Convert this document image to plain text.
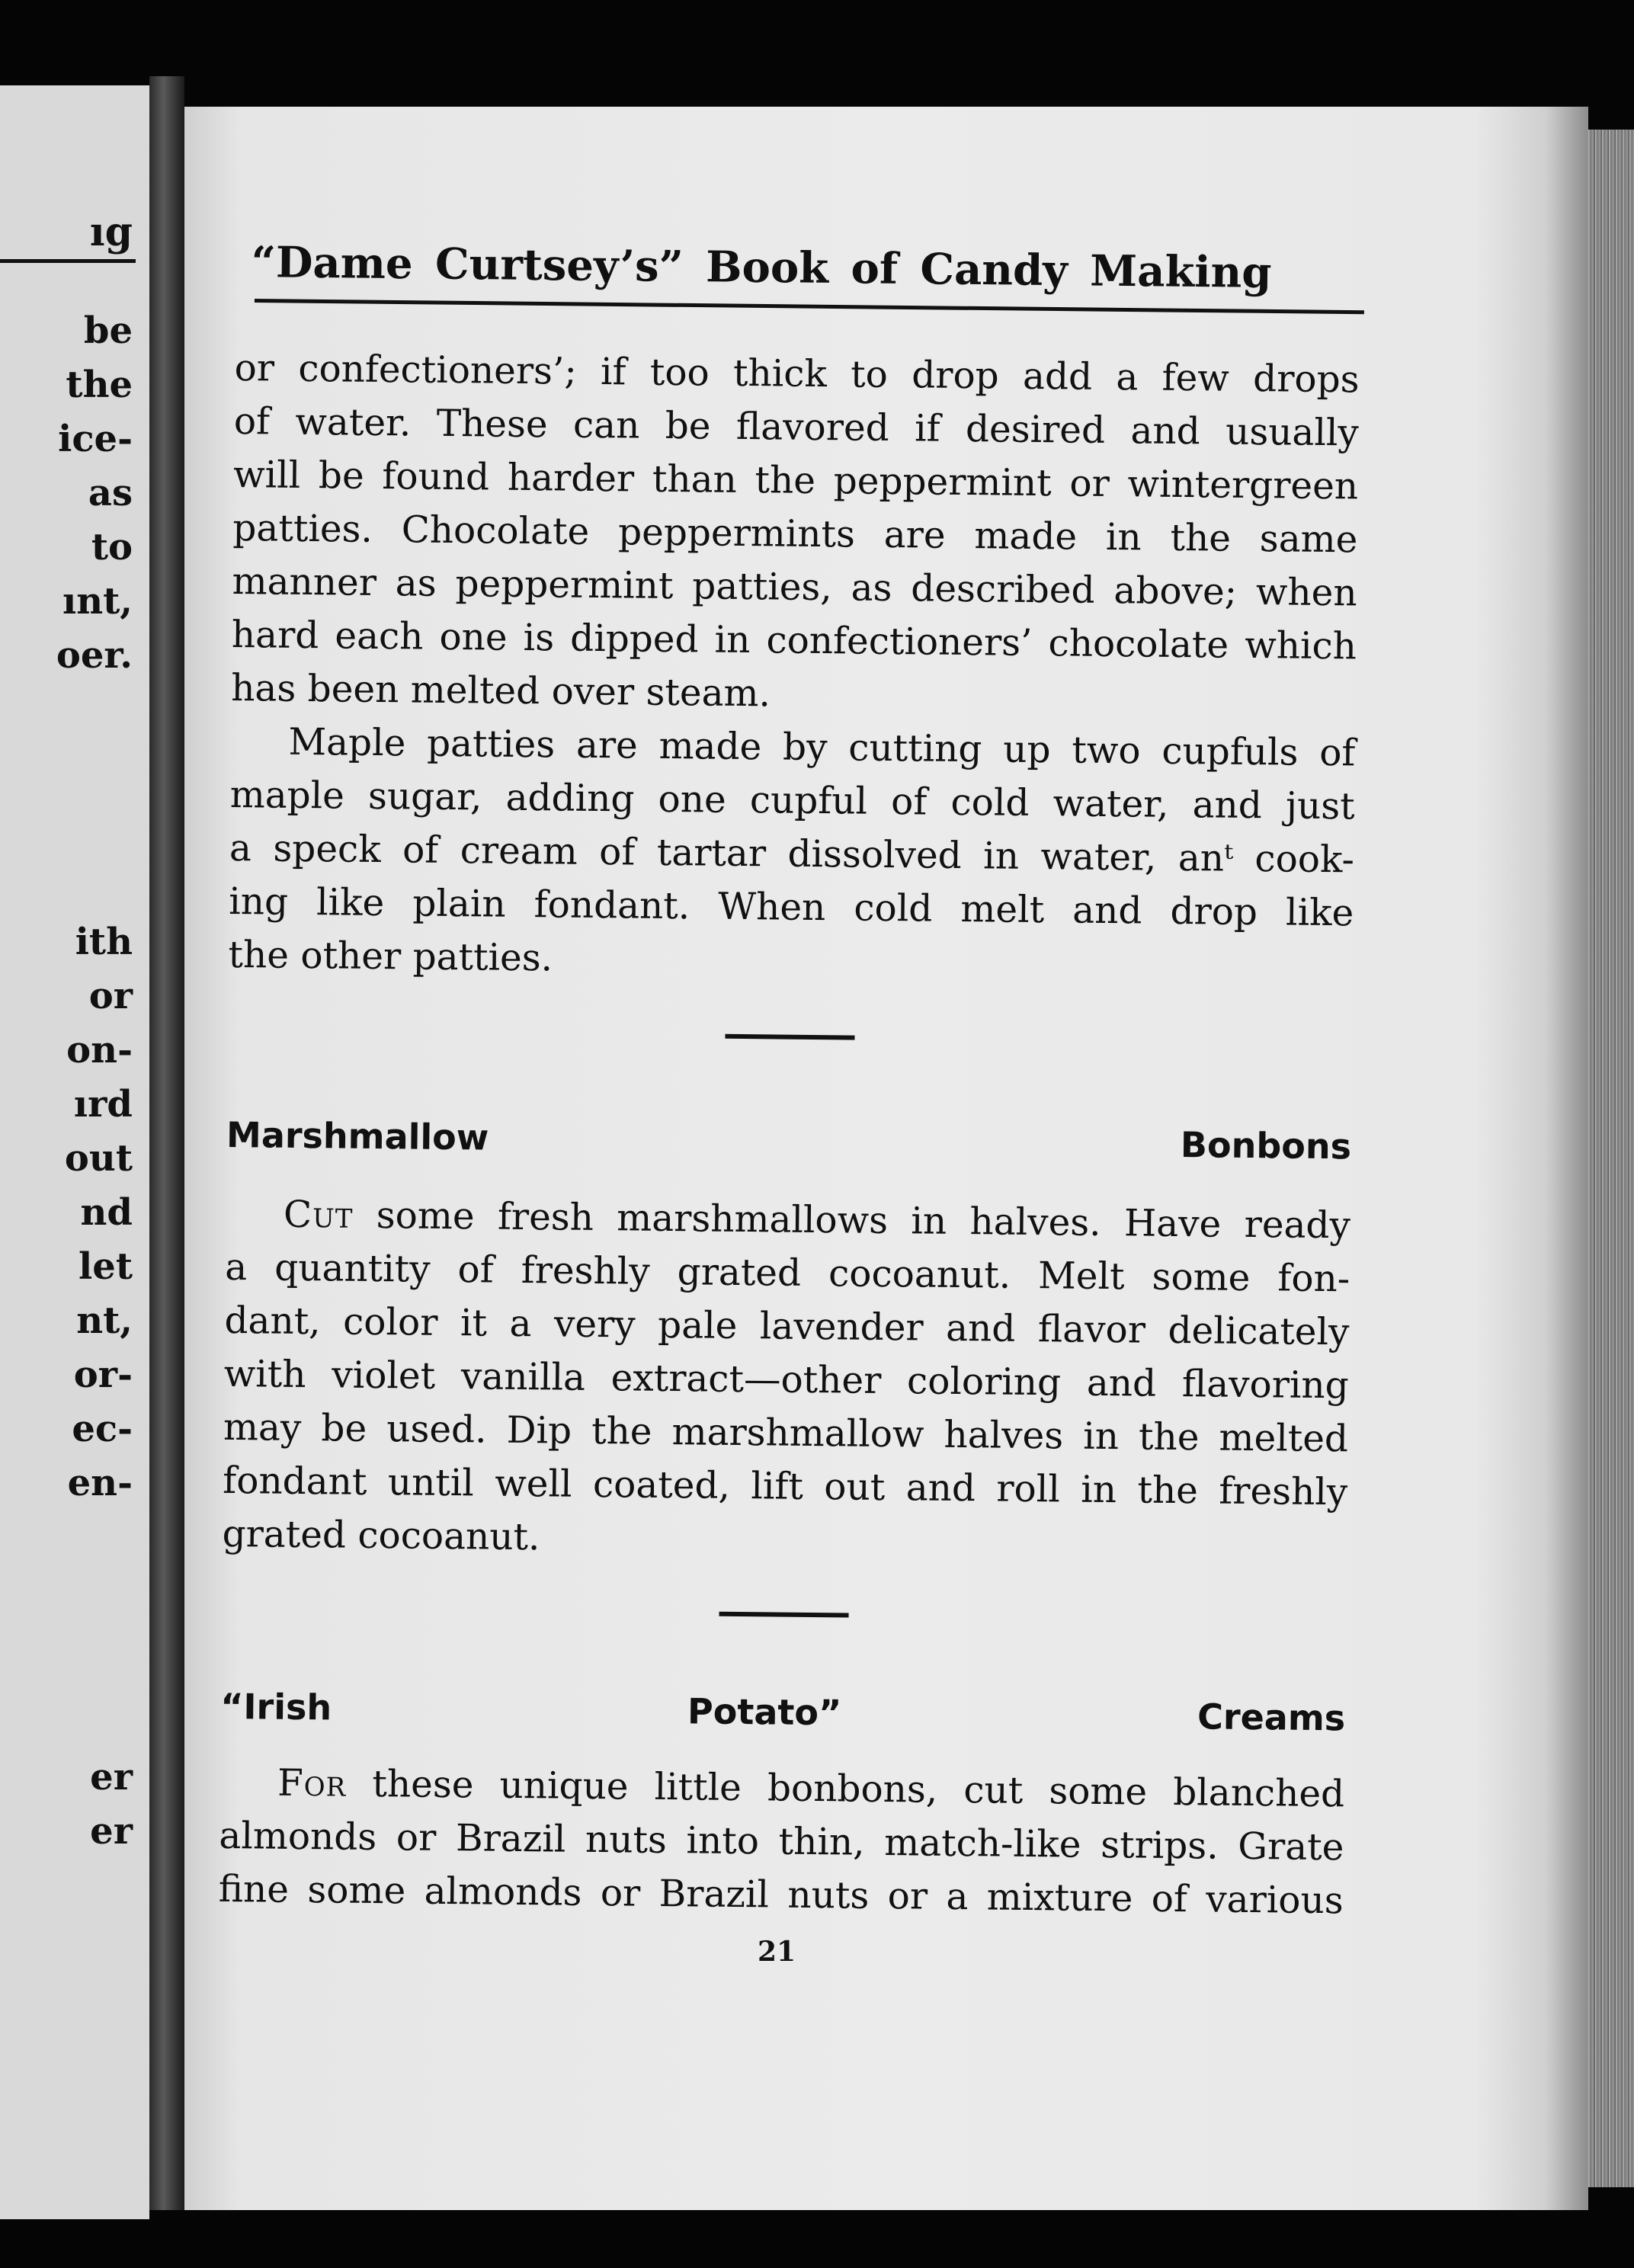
ıg
be
the
ice-
as
to
ınt,
oer.
ith
or
on-
ırd
out
nd
let
nt,
or-
ec-
en-
er
er
“Dame Curtsey’s” Book of Candy Making

or confectioners’; if too thick to drop add a few drops

of water. These can be flavored if desired and usually

will be found harder than the peppermint or wintergreen

patties. Chocolate peppermints are made in the same

manner as peppermint patties, as described above; when

hard each one is dipped in confectioners’ chocolate which

has been melted over steam.

Maple patties are made by cutting up two cupfuls of

maple sugar, adding one cupful of cold water, and just

a speck of cream of tartar dissolved in water, anᵗ cook-

ing like plain fondant. When cold melt and drop like

the other patties.

Marshmallow Bonbons

Cut some fresh marshmallows in halves. Have ready

a quantity of freshly grated cocoanut. Melt some fon-

dant, color it a very pale lavender and flavor delicately

with violet vanilla extract—other coloring and flavoring

may be used. Dip the marshmallow halves in the melted

fondant until well coated, lift out and roll in the freshly

grated cocoanut.

“Irish Potato” Creams

For these unique little bonbons, cut some blanched

almonds or Brazil nuts into thin, match-like strips. Grate

fine some almonds or Brazil nuts or a mixture of various

21
